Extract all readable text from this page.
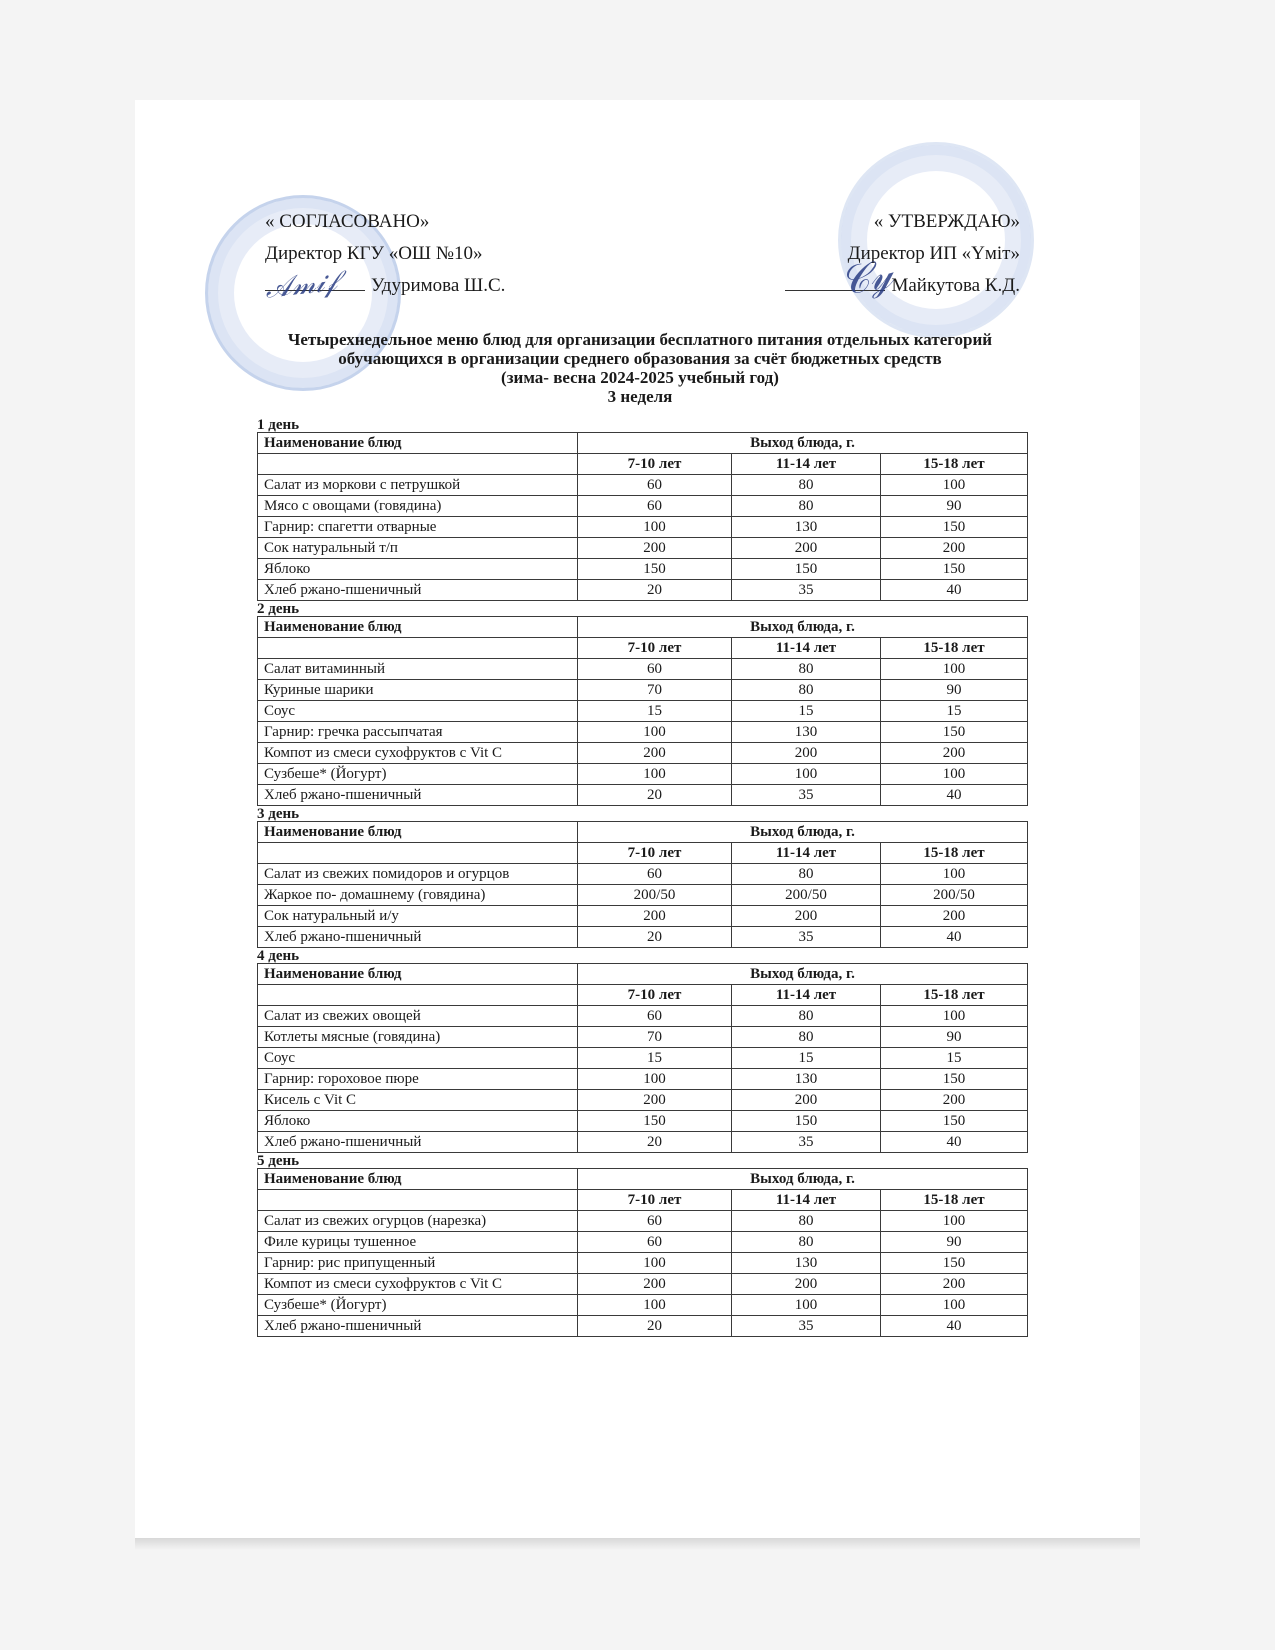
« СОГЛАСОВАНО»
Директор КГУ «ОШ №10»
Удуримова Ш.С.
𝒜𝓂𝒾𝒻
« УТВЕРЖДАЮ»
Директор ИП «Үміт»
Майкутова К.Д.
𝒞𝓎
Четырехнедельное меню блюд для организации бесплатного питания отдельных категорий
обучающихся в организации среднего образования за счёт бюджетных средств
(зима- весна 2024-2025 учебный год)
3 неделя
1 день
Наименование блюд	Выход блюда, г.		
	7-10 лет	11-14 лет	15-18 лет
Салат из моркови с петрушкой	60	80	100
Мясо с овощами (говядина)	60	80	90
Гарнир: спагетти отварные	100	130	150
Сок натуральный т/п	200	200	200
Яблоко	150	150	150
Хлеб ржано-пшеничный	20	35	40
2 день
Наименование блюд	Выход блюда, г.		
	7-10 лет	11-14 лет	15-18 лет
Салат витаминный	60	80	100
Куриные шарики	70	80	90
Соус	15	15	15
Гарнир: гречка рассыпчатая	100	130	150
Компот из смеси сухофруктов с Vit C	200	200	200
Сузбеше* (Йогурт)	100	100	100
Хлеб ржано-пшеничный	20	35	40
3 день
Наименование блюд	Выход блюда, г.		
	7-10 лет	11-14 лет	15-18 лет
Салат из свежих помидоров и огурцов	60	80	100
Жаркое по- домашнему (говядина)	200/50	200/50	200/50
Сок натуральный и/у	200	200	200
Хлеб ржано-пшеничный	20	35	40
4 день
Наименование блюд	Выход блюда, г.		
	7-10 лет	11-14 лет	15-18 лет
Салат из свежих овощей	60	80	100
Котлеты мясные (говядина)	70	80	90
Соус	15	15	15
Гарнир: гороховое пюре	100	130	150
Кисель с Vit C	200	200	200
Яблоко	150	150	150
Хлеб ржано-пшеничный	20	35	40
5 день
Наименование блюд	Выход блюда, г.		
	7-10 лет	11-14 лет	15-18 лет
Салат из свежих огурцов (нарезка)	60	80	100
Филе курицы тушенное	60	80	90
Гарнир: рис припущенный	100	130	150
Компот из смеси сухофруктов с Vit C	200	200	200
Сузбеше* (Йогурт)	100	100	100
Хлеб ржано-пшеничный	20	35	40
